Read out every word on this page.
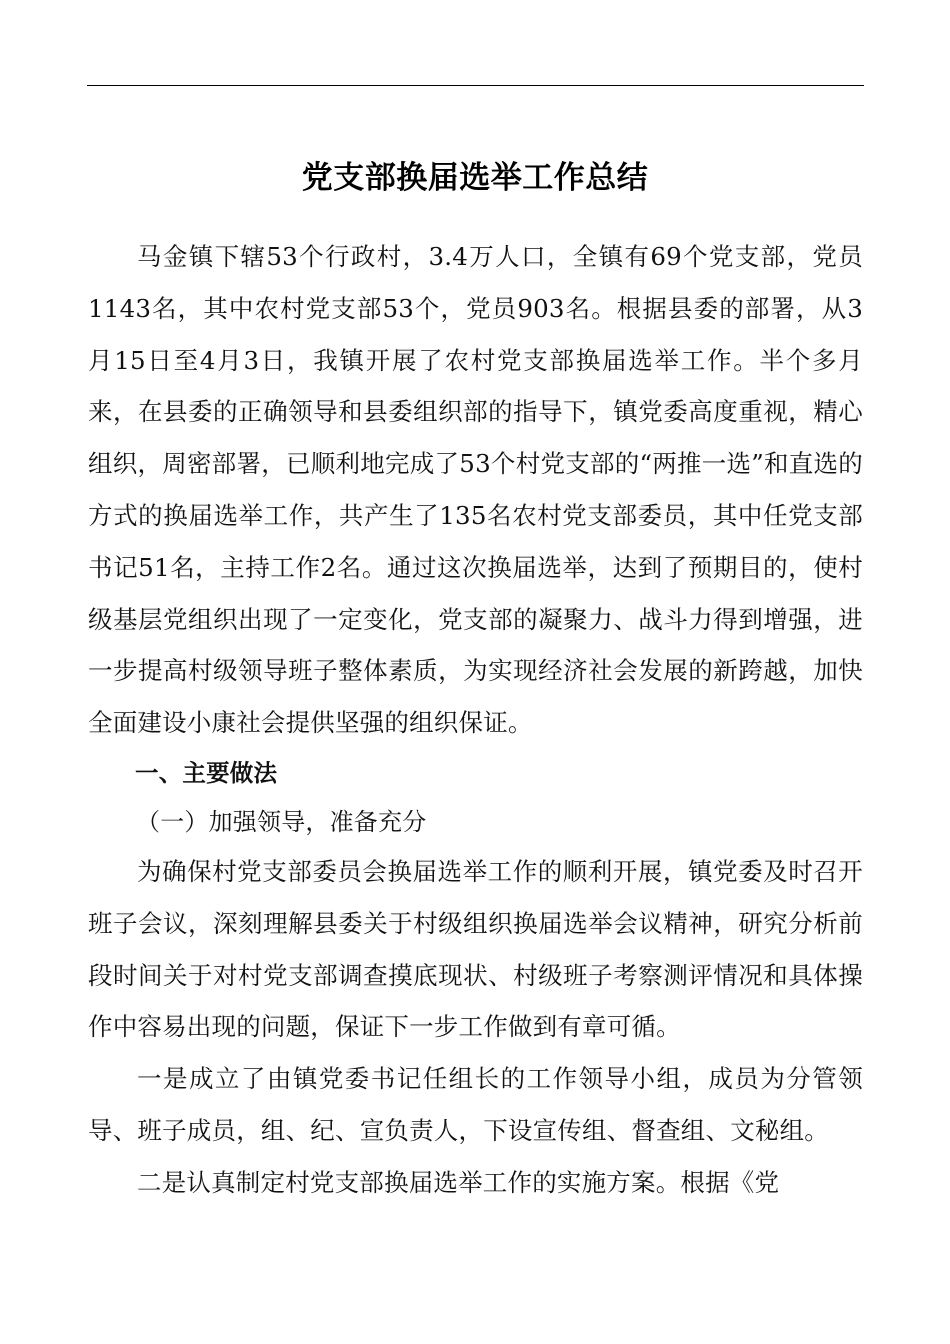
党支部换届选举工作总结

马金镇下辖53个行政村，3.4万人口，全镇有69个党支部，党员1143名，其中农村党支部53个，党员903名。根据县委的部署，从3月15日至4月3日，我镇开展了农村党支部换届选举工作。半个多月来，在县委的正确领导和县委组织部的指导下，镇党委高度重视，精心组织，周密部署，已顺利地完成了53个村党支部的“两推一选”和直选的方式的换届选举工作，共产生了135名农村党支部委员，其中任党支部书记51名，主持工作2名。通过这次换届选举，达到了预期目的，使村级基层党组织出现了一定变化，党支部的凝聚力、战斗力得到增强，进一步提高村级领导班子整体素质，为实现经济社会发展的新跨越，加快全面建设小康社会提供坚强的组织保证。

一、主要做法

（一）加强领导，准备充分

为确保村党支部委员会换届选举工作的顺利开展，镇党委及时召开班子会议，深刻理解县委关于村级组织换届选举会议精神，研究分析前段时间关于对村党支部调查摸底现状、村级班子考察测评情况和具体操作中容易出现的问题，保证下一步工作做到有章可循。

一是成立了由镇党委书记任组长的工作领导小组，成员为分管领导、班子成员，组、纪、宣负责人，下设宣传组、督查组、文秘组。

二是认真制定村党支部换届选举工作的实施方案。根据《党
